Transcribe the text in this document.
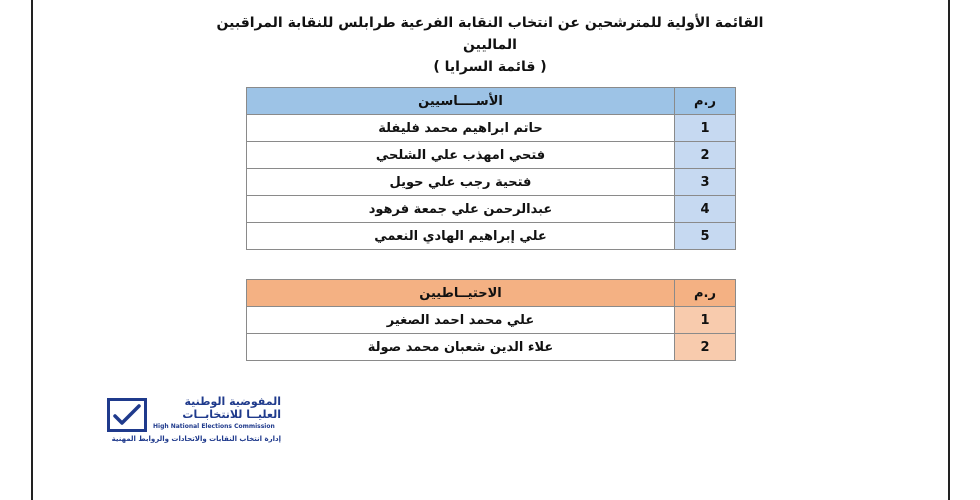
القائمة الأولية للمترشحين عن انتخاب النقابة الفرعية طرابلس للنقابة المراقبين الماليين
( قائمة السرايا )
ر.م	الأســــاسيين
1	حاتم ابراهيم محمد فليفلة
2	فتحي امهذب علي الشلحي
3	فتحية رجب علي حويل
4	عبدالرحمن علي جمعة فرهود
5	علي إبراهيم الهادي النعمي
ر.م	الاحتيــاطيين
1	علي محمد احمد الصغير
2	علاء الدين شعبان محمد صولة
المفوضية الوطنية
العليــا للانتخابــات
High National Elections Commission
إدارة انتخاب النقابات والاتحادات والروابط المهنية
